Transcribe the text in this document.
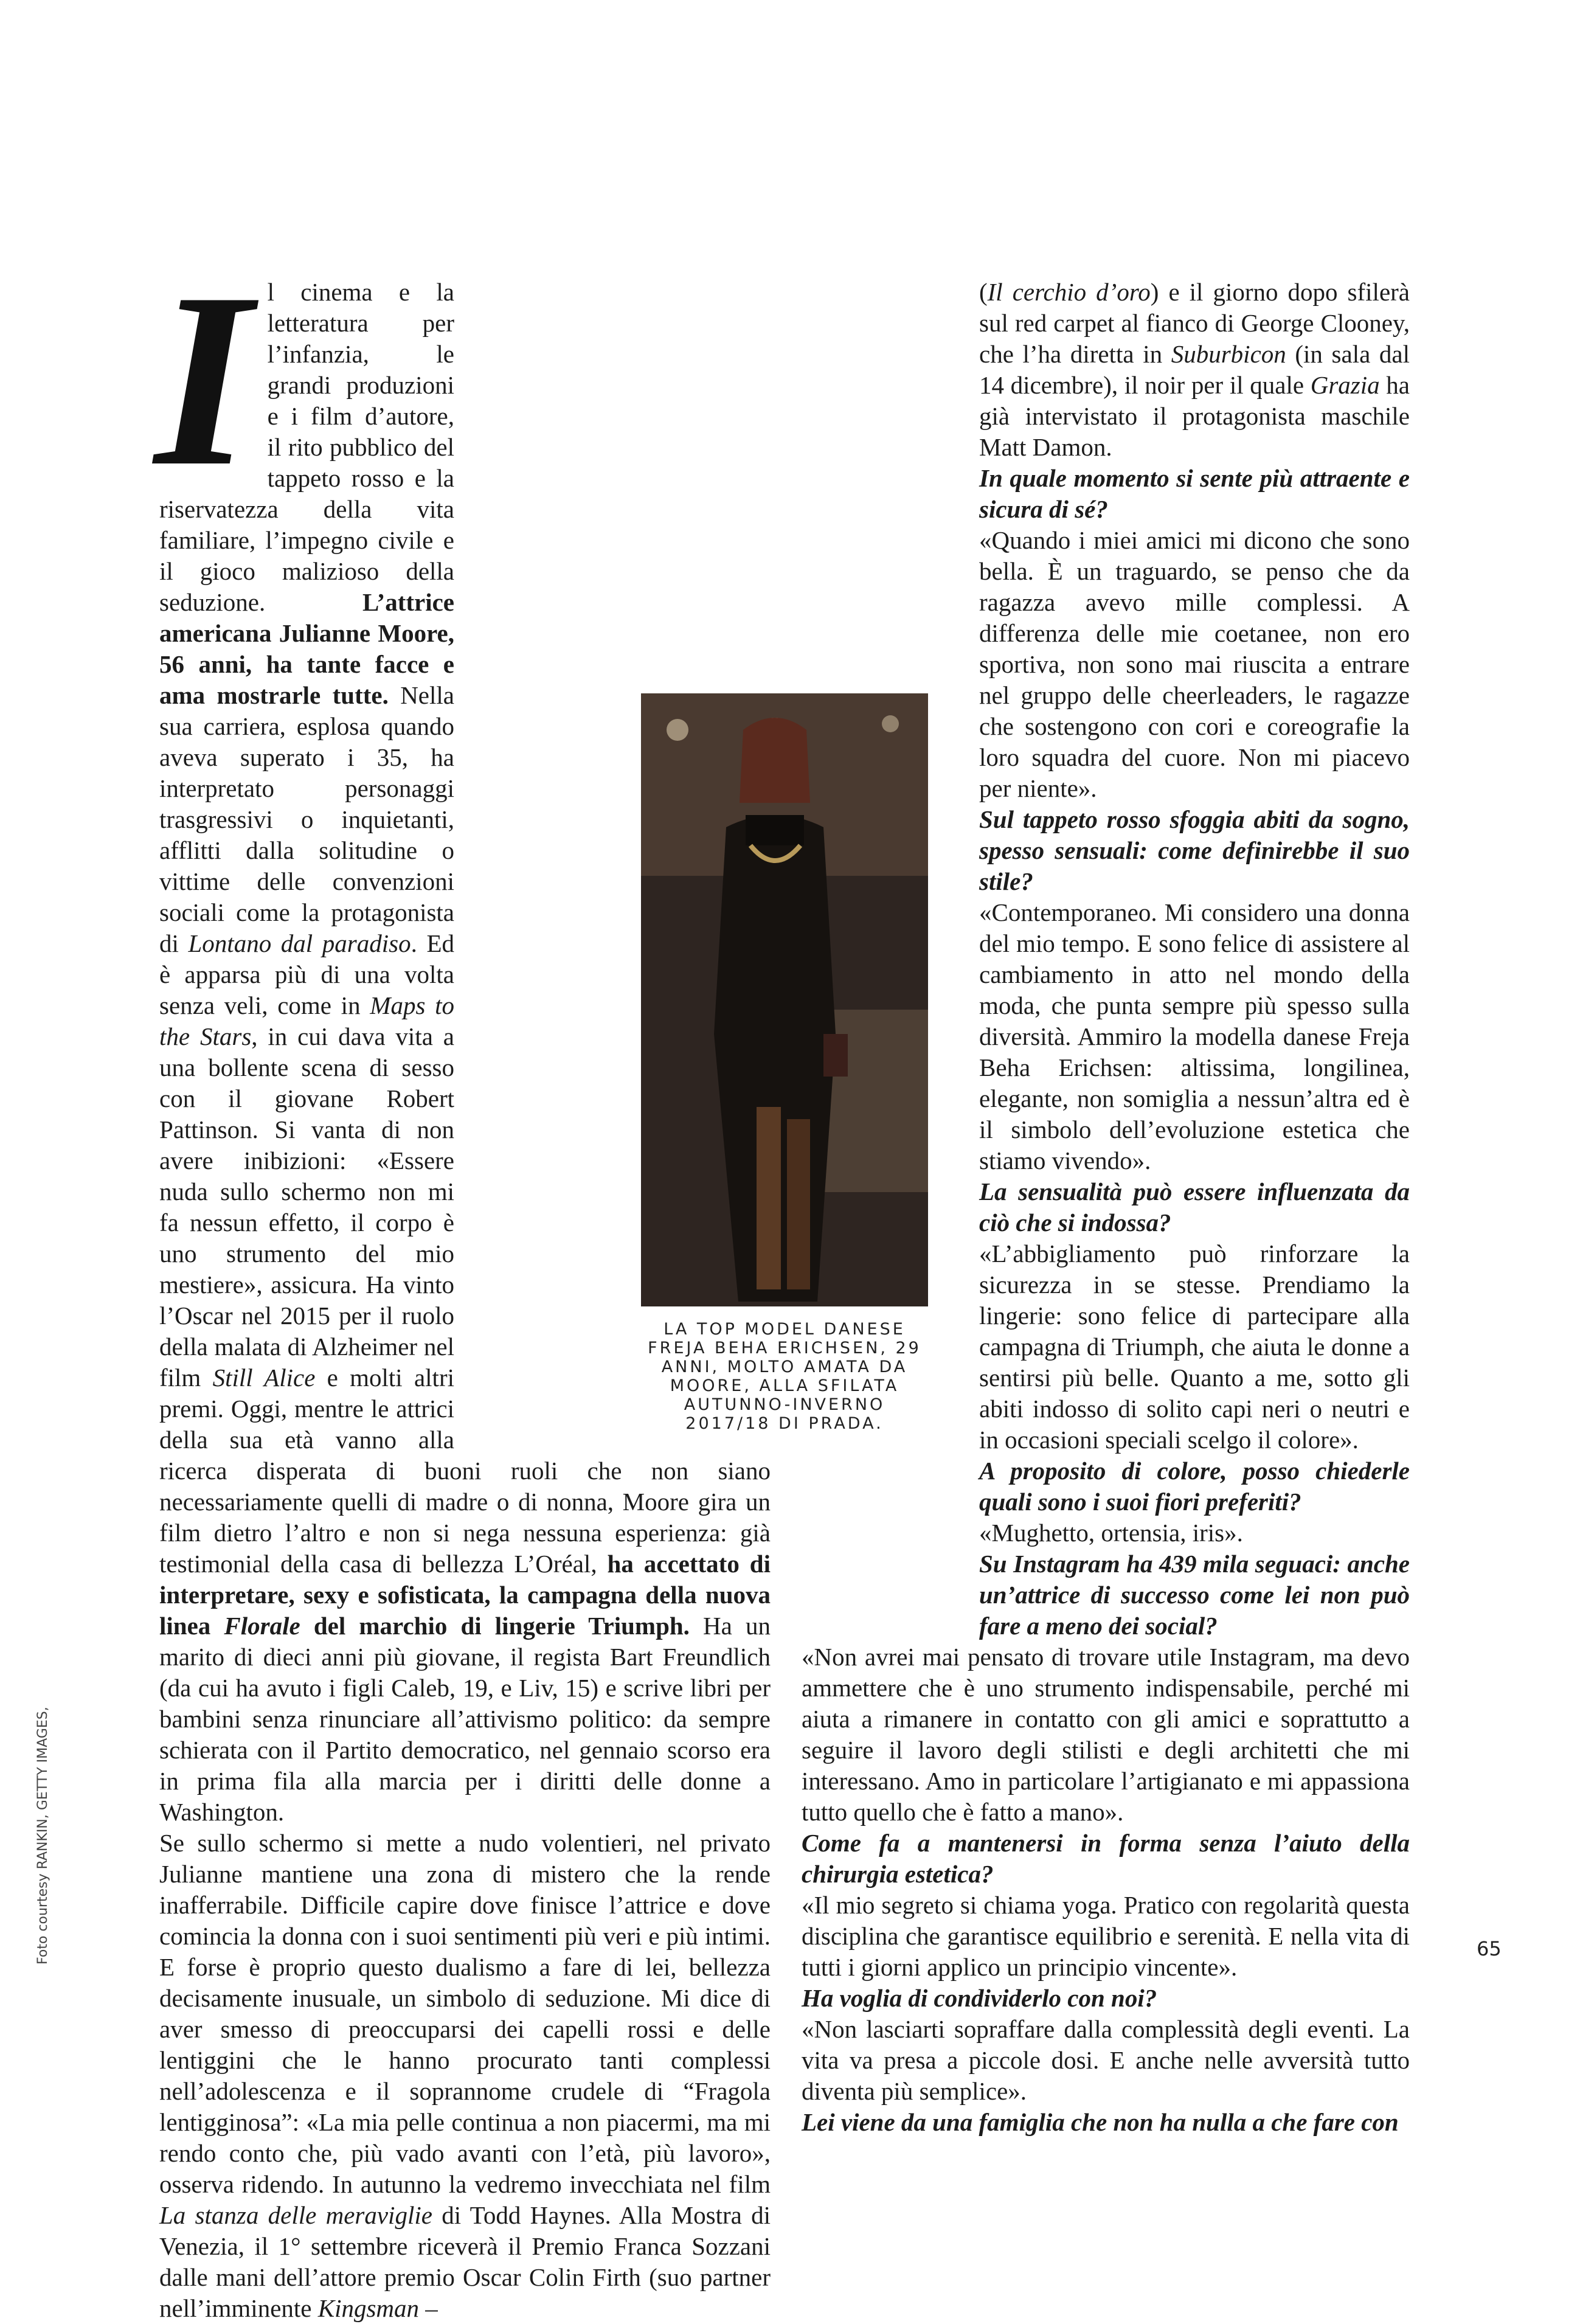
I l cinema e la letteratura per l’infanzia, le grandi produzioni e i film d’autore, il rito pubblico del tappeto rosso e la riservatezza della vita familiare, l’impegno civile e il gioco malizioso della seduzione. L’attrice americana Julianne Moore, 56 anni, ha tante facce e ama mostrarle tutte. Nella sua carriera, esplosa quando aveva superato i 35, ha interpretato personaggi trasgressivi o inquietanti, afflitti dalla solitudine o vittime delle convenzioni sociali come la protagonista di Lontano dal paradiso. Ed è apparsa più di una volta senza veli, come in Maps to the Stars, in cui dava vita a una bollente scena di sesso con il giovane Robert Pattinson. Si vanta di non avere inibizioni: «Essere nuda sullo schermo non mi fa nessun effetto, il corpo è uno strumento del mio mestiere», assicura. Ha vinto l’Oscar nel 2015 per il ruolo della malata di Alzheimer nel film Still Alice e molti altri premi. Oggi, mentre le attrici della sua età vanno alla ricerca disperata di buoni ruoli che non siano necessariamente quelli di madre o di nonna, Moore gira un film dietro l’altro e non si nega nessuna esperienza: già testimonial della casa di bellezza L’Oréal, ha accettato di interpretare, sexy e sofisticata, la campagna della nuova linea Florale del marchio di lingerie Triumph. Ha un marito di dieci anni più giovane, il regista Bart Freundlich (da cui ha avuto i figli Caleb, 19, e Liv, 15) e scrive libri per bambini senza rinunciare all’attivismo politico: da sempre schierata con il Partito democratico, nel gennaio scorso era in prima fila alla marcia per i diritti delle donne a Washington.

Se sullo schermo si mette a nudo volentieri, nel privato Julianne mantiene una zona di mistero che la rende inafferrabile. Difficile capire dove finisce l’attrice e dove comincia la donna con i suoi sentimenti più veri e più intimi. E forse è proprio questo dualismo a fare di lei, bellezza decisamente inusuale, un simbolo di seduzione. Mi dice di aver smesso di preoccuparsi dei capelli rossi e delle lentiggini che le hanno procurato tanti complessi nell’adolescenza e il soprannome crudele di “Fragola lentigginosa”: «La mia pelle continua a non piacermi, ma mi rendo conto che, più vado avanti con l’età, più lavoro», osserva ridendo. In autunno la vedremo invecchiata nel film La stanza delle meraviglie di Todd Haynes. Alla Mostra di Venezia, il 1° settembre riceverà il Premio Franca Sozzani dalle mani dell’attore premio Oscar Colin Firth (suo partner nell’imminente Kingsman –

(Il cerchio d’oro) e il giorno dopo sfilerà sul red carpet al fianco di George Clooney, che l’ha diretta in Suburbicon (in sala dal 14 dicembre), il noir per il quale Grazia ha già intervistato il protagonista maschile Matt Damon.

In quale momento si sente più attraente e sicura di sé?

«Quando i miei amici mi dicono che sono bella. È un traguardo, se penso che da ragazza avevo mille complessi. A differenza delle mie coetanee, non ero sportiva, non sono mai riuscita a entrare nel gruppo delle cheerleaders, le ragazze che sostengono con cori e coreografie la loro squadra del cuore. Non mi piacevo per niente».

Sul tappeto rosso sfoggia abiti da sogno, spesso sensuali: come definirebbe il suo stile?

«Contemporaneo. Mi considero una donna del mio tempo. E sono felice di assistere al cambiamento in atto nel mondo della moda, che punta sempre più spesso sulla diversità. Ammiro la modella danese Freja Beha Erichsen: altissima, longilinea, elegante, non somiglia a nessun’altra ed è il simbolo dell’evoluzione estetica che stiamo vivendo».

La sensualità può essere influenzata da ciò che si indossa?

«L’abbigliamento può rinforzare la sicurezza in se stesse. Prendiamo la lingerie: sono felice di partecipare alla campagna di Triumph, che aiuta le donne a sentirsi più belle. Quanto a me, sotto gli abiti indosso di solito capi neri o neutri e in occasioni speciali scelgo il colore».

A proposito di colore, posso chiederle quali sono i suoi fiori preferiti?

«Mughetto, ortensia, iris».

Su Instagram ha 439 mila seguaci: anche un’attrice di successo come lei non può fare a meno dei social?

«Non avrei mai pensato di trovare utile Instagram, ma devo ammettere che è uno strumento indispensabile, perché mi aiuta a rimanere in contatto con gli amici e soprattutto a seguire il lavoro degli stilisti e degli architetti che mi interessano. Amo in particolare l’artigianato e mi appassiona tutto quello che è fatto a mano».

Come fa a mantenersi in forma senza l’aiuto della chirurgia estetica?

«Il mio segreto si chiama yoga. Pratico con regolarità questa disciplina che garantisce equilibrio e serenità. E nella vita di tutti i giorni applico un principio vincente».

Ha voglia di condividerlo con noi?

«Non lasciarti sopraffare dalla complessità degli eventi. La vita va presa a piccole dosi. E anche nelle avversità tutto diventa più semplice».

Lei viene da una famiglia che non ha nulla a che fare con

LA TOP MODEL DANESE FREJA BEHA ERICHSEN, 29 ANNI, MOLTO AMATA DA MOORE, ALLA SFILATA AUTUNNO-INVERNO 2017/18 DI PRADA.
Foto courtesy RANKIN, GETTY IMAGES,	65
